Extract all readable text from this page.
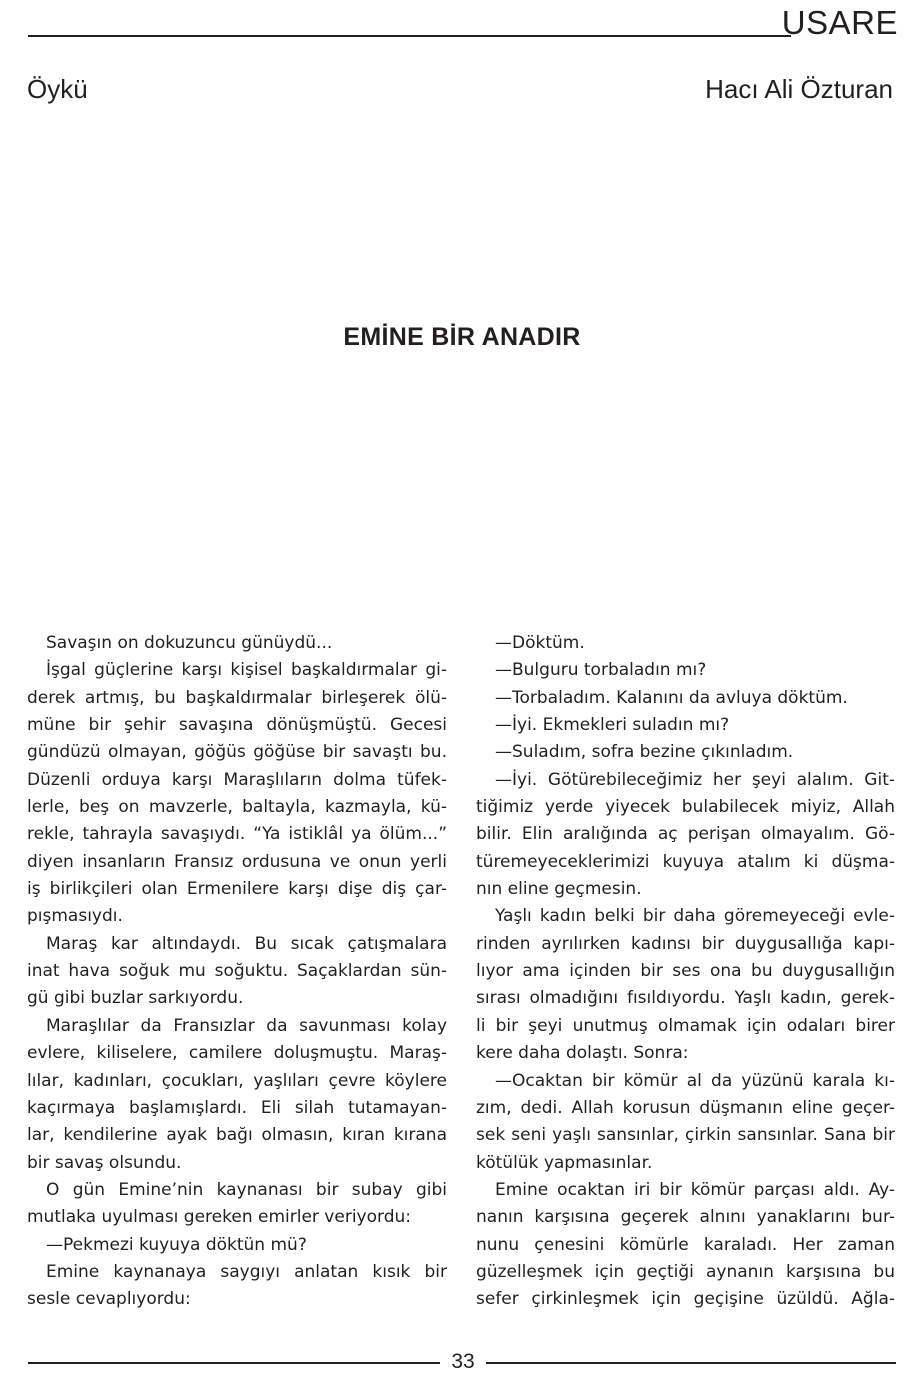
USARE
Öykü	Hacı Ali Özturan
EMİNE BİR ANADIR
Savaşın on dokuzuncu günüydü...
İşgal güçlerine karşı kişisel başkaldırmalar gi-
derek artmış, bu başkaldırmalar birleşerek ölü-
müne bir şehir savaşına dönüşmüştü. Gecesi
gündüzü olmayan, göğüs göğüse bir savaştı bu.
Düzenli orduya karşı Maraşlıların dolma tüfek-
lerle, beş on mavzerle, baltayla, kazmayla, kü-
rekle, tahrayla savaşıydı. “Ya istiklâl ya ölüm...”
diyen insanların Fransız ordusuna ve onun yerli
iş birlikçileri olan Ermenilere karşı dişe diş çar-
pışmasıydı.
Maraş kar altındaydı. Bu sıcak çatışmalara
inat hava soğuk mu soğuktu. Saçaklardan sün-
gü gibi buzlar sarkıyordu.
Maraşlılar da Fransızlar da savunması kolay
evlere, kiliselere, camilere doluşmuştu. Maraş-
lılar, kadınları, çocukları, yaşlıları çevre köylere
kaçırmaya başlamışlardı. Eli silah tutamayan-
lar, kendilerine ayak bağı olmasın, kıran kırana
bir savaş olsundu.
O gün Emine’nin kaynanası bir subay gibi
mutlaka uyulması gereken emirler veriyordu:
—Pekmezi kuyuya döktün mü?
Emine kaynanaya saygıyı anlatan kısık bir
sesle cevaplıyordu:
—Döktüm.
—Bulguru torbaladın mı?
—Torbaladım. Kalanını da avluya döktüm.
—İyi. Ekmekleri suladın mı?
—Suladım, sofra bezine çıkınladım.
—İyi. Götürebileceğimiz her şeyi alalım. Git-
tiğimiz yerde yiyecek bulabilecek miyiz, Allah
bilir. Elin aralığında aç perişan olmayalım. Gö-
türemeyeceklerimizi kuyuya atalım ki düşma-
nın eline geçmesin.
Yaşlı kadın belki bir daha göremeyeceği evle-
rinden ayrılırken kadınsı bir duygusallığa kapı-
lıyor ama içinden bir ses ona bu duygusallığın
sırası olmadığını fısıldıyordu. Yaşlı kadın, gerek-
li bir şeyi unutmuş olmamak için odaları birer
kere daha dolaştı. Sonra:
—Ocaktan bir kömür al da yüzünü karala kı-
zım, dedi. Allah korusun düşmanın eline geçer-
sek seni yaşlı sansınlar, çirkin sansınlar. Sana bir
kötülük yapmasınlar.
Emine ocaktan iri bir kömür parçası aldı. Ay-
nanın karşısına geçerek alnını yanaklarını bur-
nunu çenesini kömürle karaladı. Her zaman
güzelleşmek için geçtiği aynanın karşısına bu
sefer çirkinleşmek için geçişine üzüldü. Ağla-
33
